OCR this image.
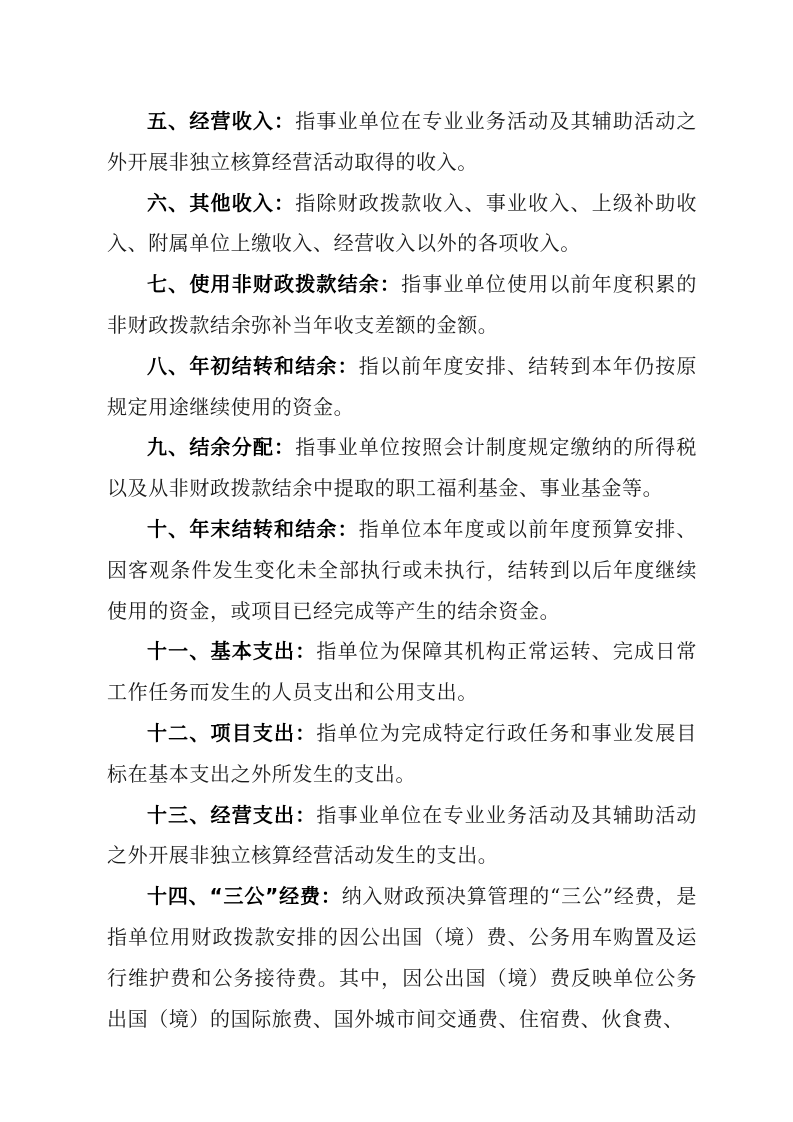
五、经营收入：指事业单位在专业业务活动及其辅助活动之外开展非独立核算经营活动取得的收入。

六、其他收入：指除财政拨款收入、事业收入、上级补助收入、附属单位上缴收入、经营收入以外的各项收入。

七、使用非财政拨款结余：指事业单位使用以前年度积累的非财政拨款结余弥补当年收支差额的金额。

八、年初结转和结余：指以前年度安排、结转到本年仍按原规定用途继续使用的资金。

九、结余分配：指事业单位按照会计制度规定缴纳的所得税以及从非财政拨款结余中提取的职工福利基金、事业基金等。

十、年末结转和结余：指单位本年度或以前年度预算安排、因客观条件发生变化未全部执行或未执行，结转到以后年度继续使用的资金，或项目已经完成等产生的结余资金。

十一、基本支出：指单位为保障其机构正常运转、完成日常工作任务而发生的人员支出和公用支出。

十二、项目支出：指单位为完成特定行政任务和事业发展目标在基本支出之外所发生的支出。

十三、经营支出：指事业单位在专业业务活动及其辅助活动之外开展非独立核算经营活动发生的支出。

十四、“三公”经费：纳入财政预决算管理的“三公”经费，是指单位用财政拨款安排的因公出国（境）费、公务用车购置及运行维护费和公务接待费。其中，因公出国（境）费反映单位公务出国（境）的国际旅费、国外城市间交通费、住宿费、伙食费、
